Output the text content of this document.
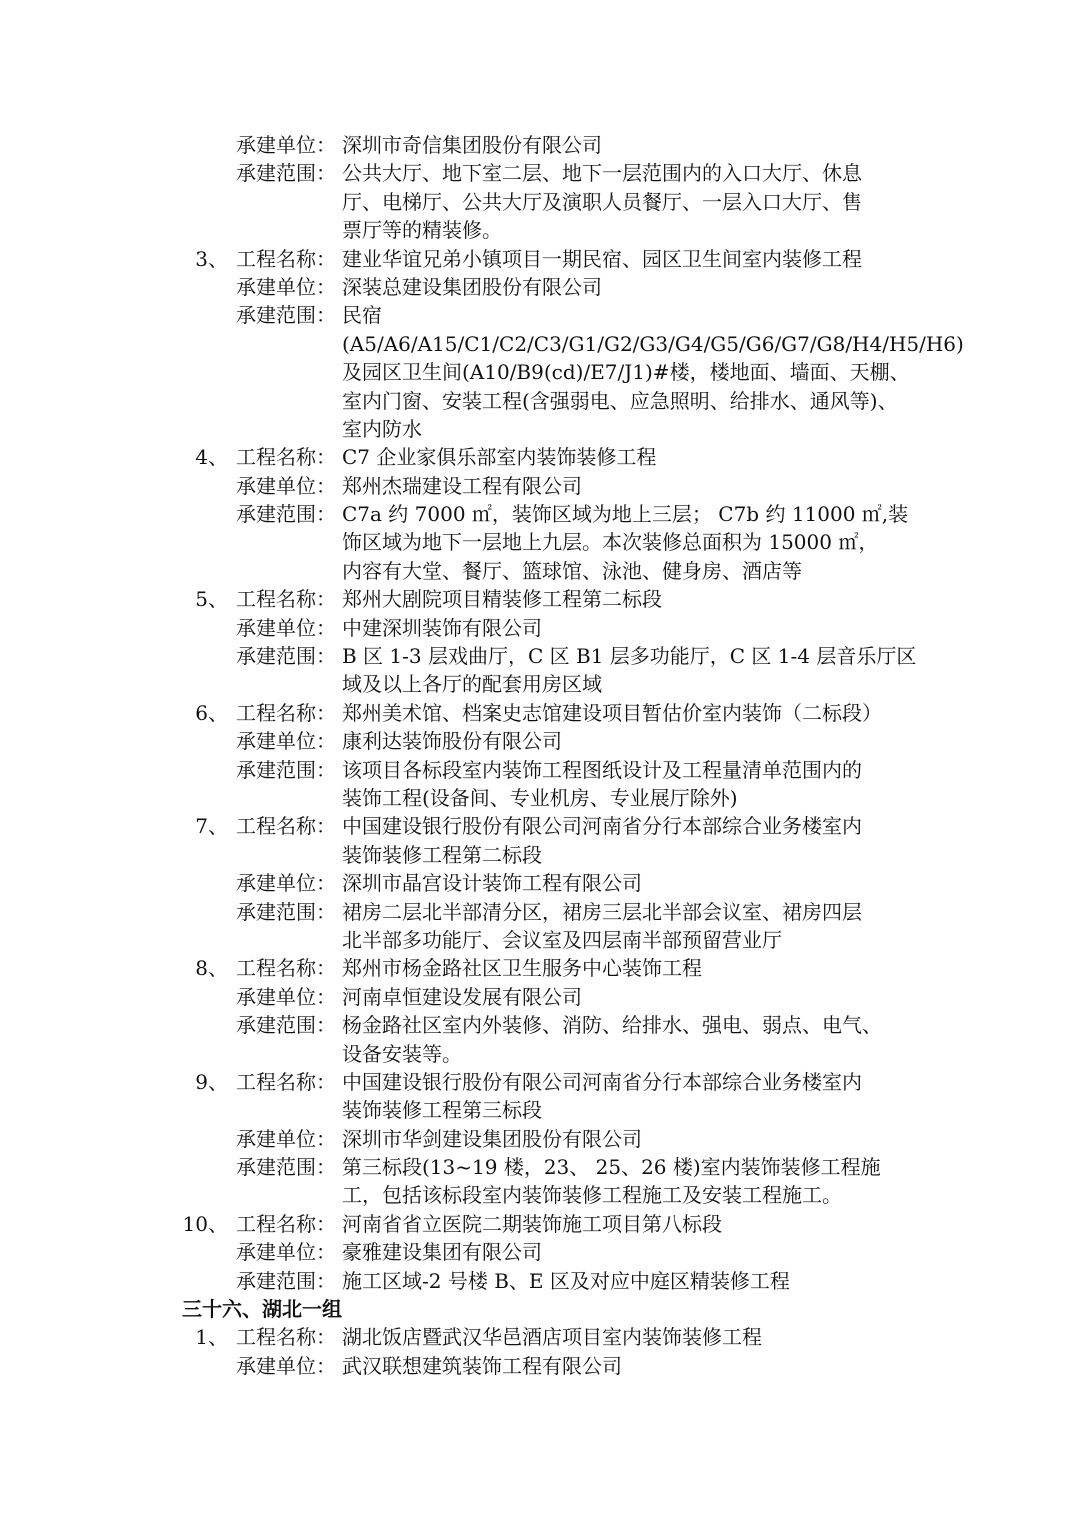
承建单位： 深圳市奇信集团股份有限公司
承建范围： 公共大厅、地下室二层、地下一层范围内的入口大厅、休息
厅、电梯厅、公共大厅及演职人员餐厅、一层入口大厅、售
票厅等的精装修。
3、 工程名称： 建业华谊兄弟小镇项目一期民宿、园区卫生间室内装修工程
承建单位： 深装总建设集团股份有限公司
承建范围： 民宿
(A5/A6/A15/C1/C2/C3/G1/G2/G3/G4/G5/G6/G7/G8/H4/H5/H6)
及园区卫生间(A10/B9(cd)/E7/J1)#楼，楼地面、墙面、天棚、
室内门窗、安装工程(含强弱电、应急照明、给排水、通风等)、
室内防水
4、 工程名称： C7 企业家俱乐部室内装饰装修工程
承建单位： 郑州杰瑞建设工程有限公司
承建范围： C7a 约 7000 ㎡，装饰区域为地上三层； C7b 约 11000 ㎡,装
饰区域为地下一层地上九层。本次装修总面积为 15000 ㎡，
内容有大堂、餐厅、篮球馆、泳池、健身房、酒店等
5、 工程名称： 郑州大剧院项目精装修工程第二标段
承建单位： 中建深圳装饰有限公司
承建范围： B 区 1-3 层戏曲厅，C 区 B1 层多功能厅，C 区 1-4 层音乐厅区
域及以上各厅的配套用房区域
6、 工程名称： 郑州美术馆、档案史志馆建设项目暂估价室内装饰（二标段）
承建单位： 康利达装饰股份有限公司
承建范围： 该项目各标段室内装饰工程图纸设计及工程量清单范围内的
装饰工程(设备间、专业机房、专业展厅除外)
7、 工程名称： 中国建设银行股份有限公司河南省分行本部综合业务楼室内
装饰装修工程第二标段
承建单位： 深圳市晶宫设计装饰工程有限公司
承建范围： 裙房二层北半部清分区，裙房三层北半部会议室、裙房四层
北半部多功能厅、会议室及四层南半部预留营业厅
8、 工程名称： 郑州市杨金路社区卫生服务中心装饰工程
承建单位： 河南卓恒建设发展有限公司
承建范围： 杨金路社区室内外装修、消防、给排水、强电、弱点、电气、
设备安装等。
9、 工程名称： 中国建设银行股份有限公司河南省分行本部综合业务楼室内
装饰装修工程第三标段
承建单位： 深圳市华剑建设集团股份有限公司
承建范围： 第三标段(13~19 楼，23、 25、26 楼)室内装饰装修工程施
工，包括该标段室内装饰装修工程施工及安装工程施工。
10、 工程名称： 河南省省立医院二期装饰施工项目第八标段
承建单位： 豪雅建设集团有限公司
承建范围： 施工区域-2 号楼 B、E 区及对应中庭区精装修工程
三十六、湖北一组
1、 工程名称： 湖北饭店暨武汉华邑酒店项目室内装饰装修工程
承建单位： 武汉联想建筑装饰工程有限公司
